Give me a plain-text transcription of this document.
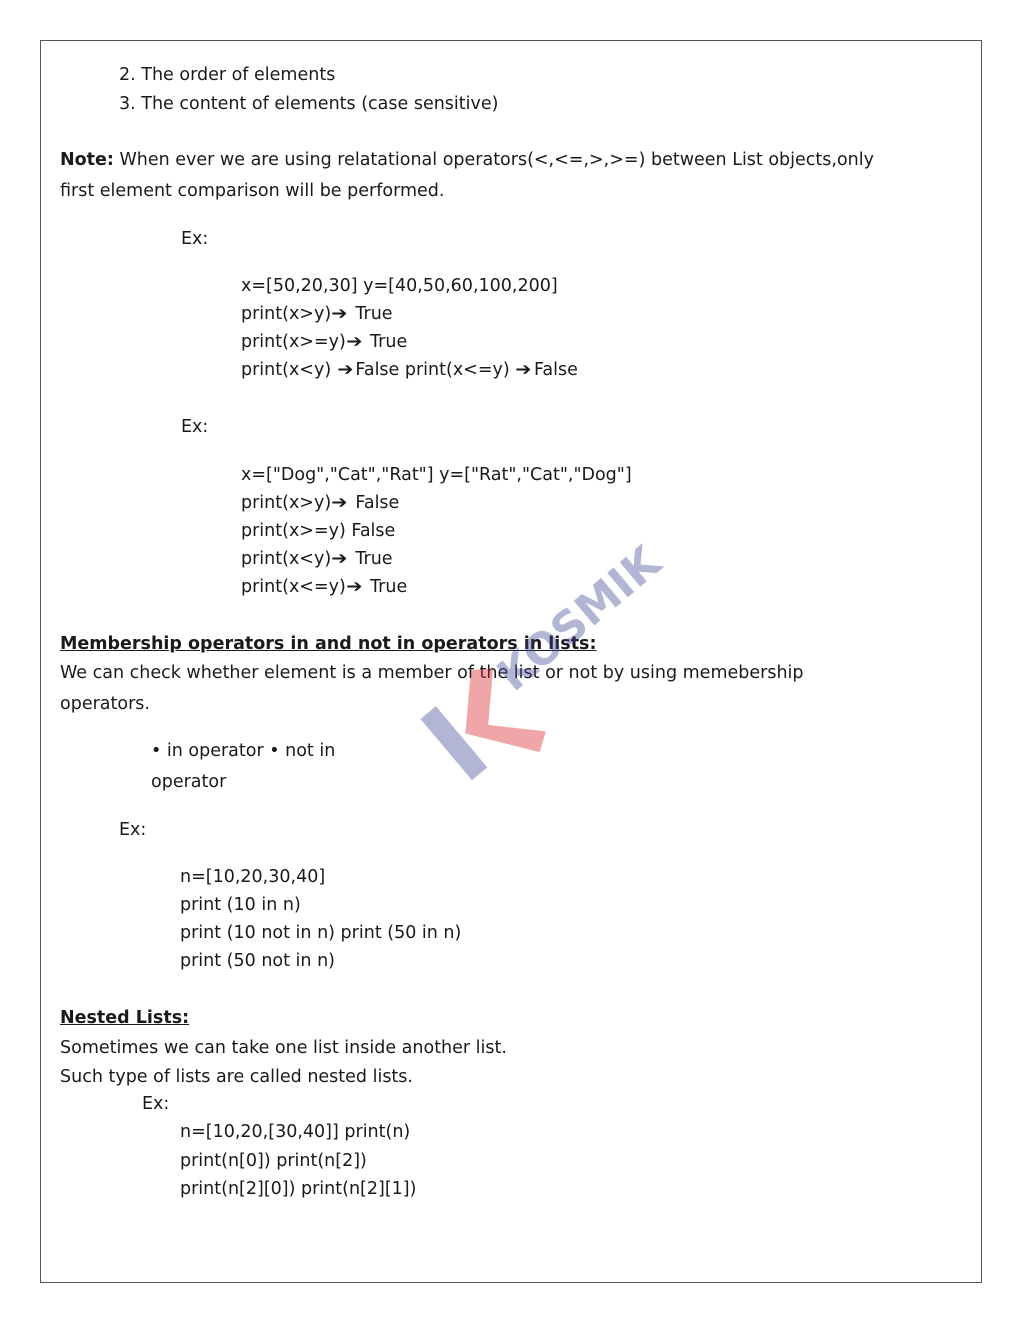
2. The order of elements
3. The content of elements (case sensitive)
Note: When ever we are using relatational operators(<,<=,>,>=) between List objects,only
first element comparison will be performed.
Ex:
x=[50,20,30] y=[40,50,60,100,200]
print(x>y)➔ True
print(x>=y)➔ True
print(x<y) ➔ False print(x<=y) ➔ False
Ex:
x=["Dog","Cat","Rat"] y=["Rat","Cat","Dog"]
print(x>y)➔ False
print(x>=y) False
print(x<y)➔ True
print(x<=y)➔ True
Membership operators in and not in operators in lists:
We can check whether element is a member of the list or not by using memebership
operators.
• in operator • not in
operator
Ex:
n=[10,20,30,40]
print (10 in n)
print (10 not in n) print (50 in n)
print (50 not in n)
Nested Lists:
Sometimes we can take one list inside another list.
Such type of lists are called nested lists.
Ex:
n=[10,20,[30,40]] print(n)
print(n[0]) print(n[2])
print(n[2][0]) print(n[2][1])
KOSMIK
